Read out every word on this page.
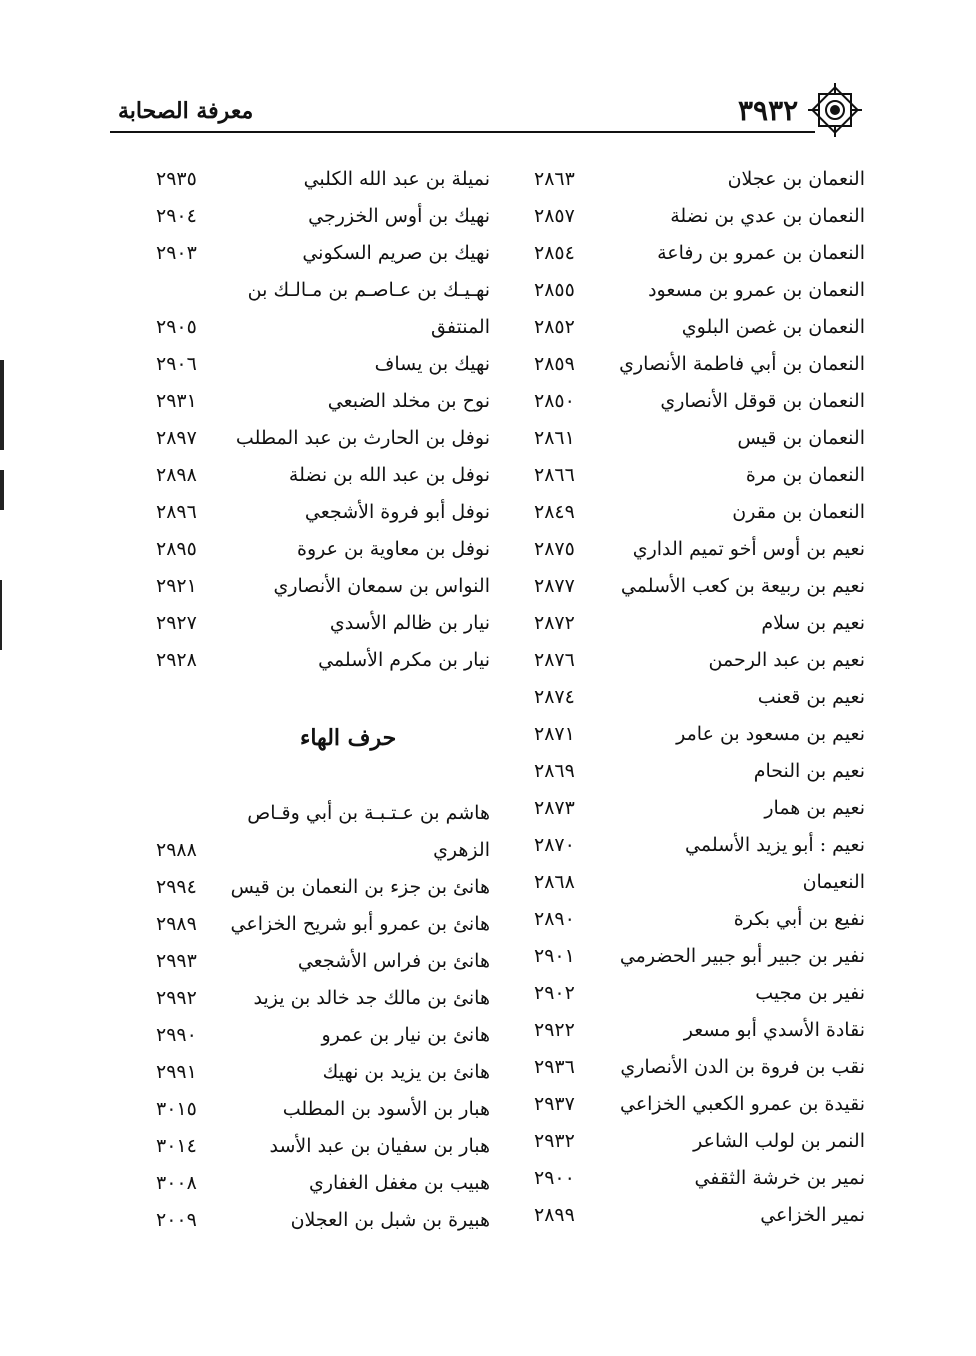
٣٩٣٢
معرفة الصحابة
النعمان بن عجلان
٢٨٦٣
النعمان بن عدي بن نضلة
٢٨٥٧
النعمان بن عمرو بن رفاعة
٢٨٥٤
النعمان بن عمرو بن مسعود
٢٨٥٥
النعمان بن غصن البلوي
٢٨٥٢
النعمان بن أبي فاطمة الأنصاري
٢٨٥٩
النعمان بن قوقل الأنصاري
٢٨٥٠
النعمان بن قيس
٢٨٦١
النعمان بن مرة
٢٨٦٦
النعمان بن مقرن
٢٨٤٩
نعيم بن أوس أخو تميم الداري
٢٨٧٥
نعيم بن ربيعة بن كعب الأسلمي
٢٨٧٧
نعيم بن سلام
٢٨٧٢
نعيم بن عبد الرحمن
٢٨٧٦
نعيم بن قعنب
٢٨٧٤
نعيم بن مسعود بن عامر
٢٨٧١
نعيم بن النحام
٢٨٦٩
نعيم بن همار
٢٨٧٣
نعيم : أبو يزيد الأسلمي
٢٨٧٠
النعيمان
٢٨٦٨
نفيع بن أبي بكرة
٢٨٩٠
نفير بن جبير أبو جبير الحضرمي
٢٩٠١
نفير بن مجيب
٢٩٠٢
نقادة الأسدي أبو مسعر
٢٩٢٢
نقب بن فروة بن الدن الأنصاري
٢٩٣٦
نقيدة بن عمرو الكعبي الخزاعي
٢٩٣٧
النمر بن لولب الشاعر
٢٩٣٢
نمير بن خرشة الثقفي
٢٩٠٠
نمير الخزاعي
٢٨٩٩
نميلة بن عبد الله الكلبي
٢٩٣٥
نهيك بن أوس الخزرجي
٢٩٠٤
نهيك بن صريم السكوني
٢٩٠٣
نهـيـك بن عـاصـم بن مـالـك بن
المنتفق
٢٩٠٥
نهيك بن يساف
٢٩٠٦
نوح بن مخلد الضبعي
٢٩٣١
نوفل بن الحارث بن عبد المطلب
٢٨٩٧
نوفل بن عبد الله بن نضلة
٢٨٩٨
نوفل أبو فروة الأشجعي
٢٨٩٦
نوفل بن معاوية بن عروة
٢٨٩٥
النواس بن سمعان الأنصاري
٢٩٢١
نيار بن ظالم الأسدي
٢٩٢٧
نيار بن مكرم الأسلمي
٢٩٢٨
حرف الهاء
هاشم بن عـتـبـة بن أبي وقـاص
الزهري
٢٩٨٨
هانئ بن جزء بن النعمان بن قيس
٢٩٩٤
هانئ بن عمرو أبو شريح الخزاعي
٢٩٨٩
هانئ بن فراس الأشجعي
٢٩٩٣
هانئ بن مالك جد خالد بن يزيد
٢٩٩٢
هانئ بن نيار بن عمرو
٢٩٩٠
هانئ بن يزيد بن نهيك
٢٩٩١
هبار بن الأسود بن المطلب
٣٠١٥
هبار بن سفيان بن عبد الأسد
٣٠١٤
هبيب بن مغفل الغفاري
٣٠٠٨
هبيرة بن شبل بن العجلان
٢٠٠٩
